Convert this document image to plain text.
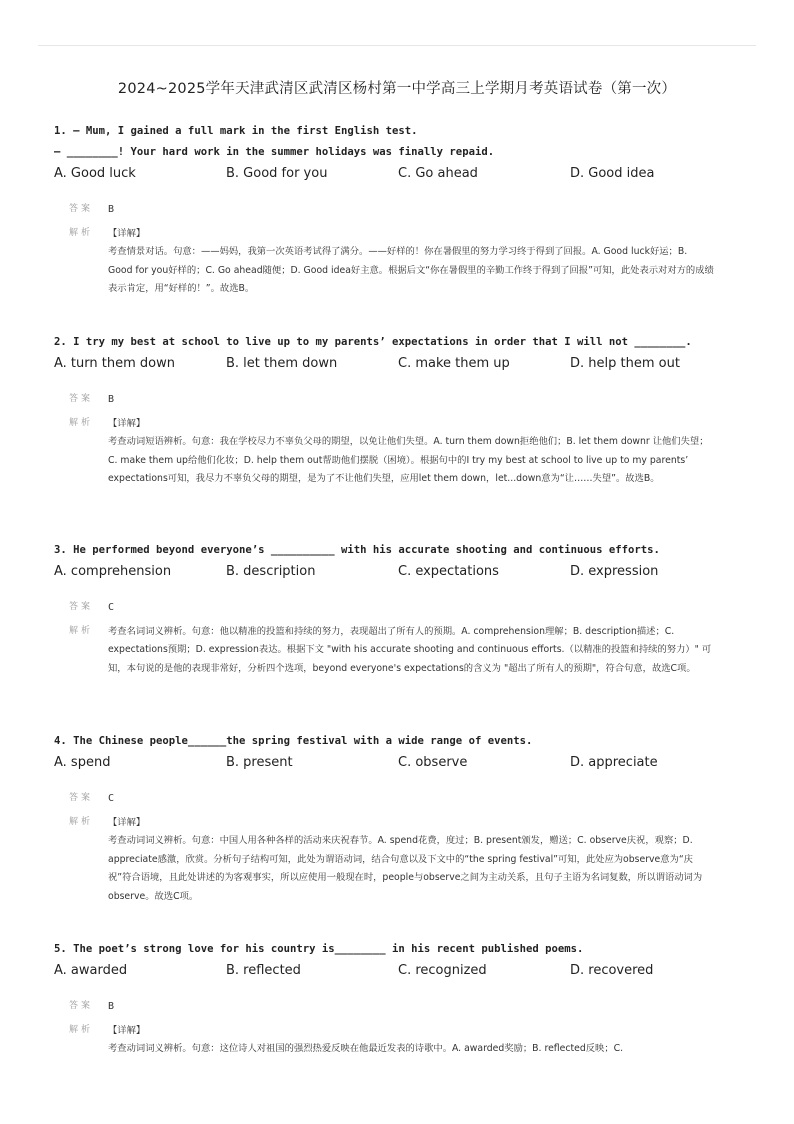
2024~2025学年天津武清区武清区杨村第一中学高三上学期月考英语试卷（第一次）
1. — Mum, I gained a full mark in the first English test.
— ________! Your hard work in the summer holidays was finally repaid.
A. Good luck	B. Good for you	C. Go ahead	D. Good idea
答案	B
解析	【详解】
考查情景对话。句意：——妈妈，我第一次英语考试得了满分。——好样的！你在暑假里的努力学习终于得到了回报。A. Good luck好运；B. Good for you好样的；C. Go ahead随便；D. Good idea好主意。根据后文“你在暑假里的辛勤工作终于得到了回报”可知，此处表示对对方的成绩表示肯定，用“好样的！”。故选B。
2. I try my best at school to live up to my parents’ expectations in order that I will not ________.
A. turn them down	B. let them down	C. make them up	D. help them out
答案	B
解析	【详解】
考查动词短语辨析。句意：我在学校尽力不辜负父母的期望，以免让他们失望。A. turn them down拒绝他们；B. let them downr 让他们失望；C. make them up给他们化妆；D. help them out帮助他们摆脱（困境）。根据句中的I try my best at school to live up to my parents’ expectations可知，我尽力不辜负父母的期望，是为了不让他们失望，应用let them down，let...down意为“让……失望”。故选B。
3. He performed beyond everyone’s __________ with his accurate shooting and continuous efforts.
A. comprehension	B. description	C. expectations	D. expression
答案	C
解析	考查名词词义辨析。句意：他以精准的投篮和持续的努力，表现超出了所有人的预期。A. comprehension理解；B. description描述；C. expectations预期；D. expression表达。根据下文 "with his accurate shooting and continuous efforts.（以精准的投篮和持续的努力）" 可知，本句说的是他的表现非常好，分析四个选项，beyond everyone's expectations的含义为 "超出了所有人的预期"，符合句意，故选C项。
4. The Chinese people______the spring festival with a wide range of events.
A. spend	B. present	C. observe	D. appreciate
答案	C
解析	【详解】
考查动词词义辨析。句意：中国人用各种各样的活动来庆祝春节。A. spend花费，度过；B. present颁发，赠送；C. observe庆祝，观察；D. appreciate感激，欣赏。分析句子结构可知，此处为谓语动词，结合句意以及下文中的“the spring festival”可知，此处应为observe意为“庆祝”符合语境，且此处讲述的为客观事实，所以应使用一般现在时，people与observe之间为主动关系，且句子主语为名词复数，所以谓语动词为observe。故选C项。
5. The poet’s strong love for his country is________ in his recent published poems.
A. awarded	B. reflected	C. recognized	D. recovered
答案	B
解析	【详解】
考查动词词义辨析。句意：这位诗人对祖国的强烈热爱反映在他最近发表的诗歌中。A. awarded奖励；B. reflected反映；C.
